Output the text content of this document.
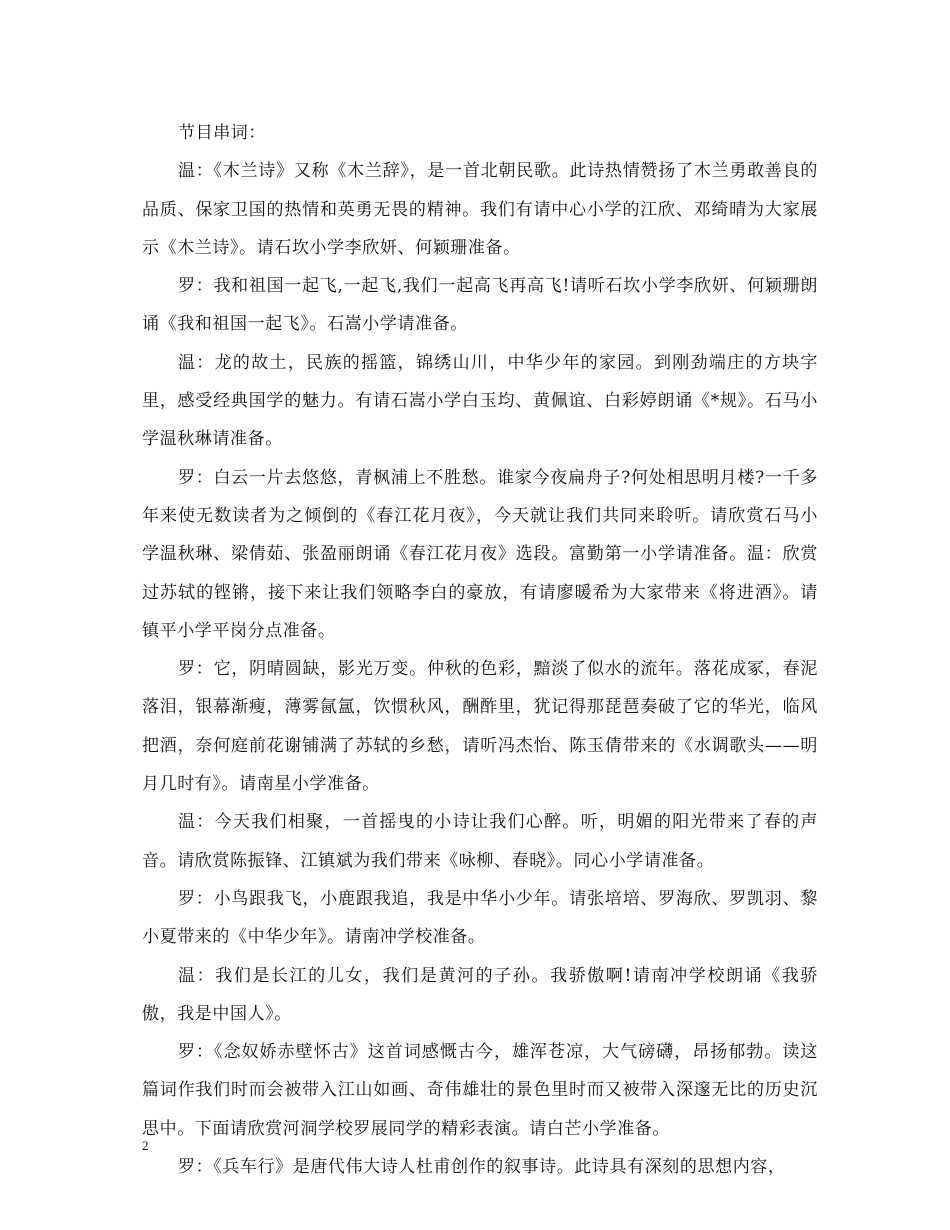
节目串词：

温：《木兰诗》又称《木兰辞》，是一首北朝民歌。此诗热情赞扬了木兰勇敢善良的品质、保家卫国的热情和英勇无畏的精神。我们有请中心小学的江欣、邓绮晴为大家展示《木兰诗》。请石坎小学李欣妍、何颖珊准备。

罗：我和祖国一起飞,一起飞,我们一起高飞再高飞!请听石坎小学李欣妍、何颖珊朗诵《我和祖国一起飞》。石嵩小学请准备。

温：龙的故土，民族的摇篮，锦绣山川，中华少年的家园。到刚劲端庄的方块字里，感受经典国学的魅力。有请石嵩小学白玉均、黄佩谊、白彩婷朗诵《*规》。石马小学温秋琳请准备。

罗：白云一片去悠悠，青枫浦上不胜愁。谁家今夜扁舟子?何处相思明月楼?一千多年来使无数读者为之倾倒的《春江花月夜》，今天就让我们共同来聆听。请欣赏石马小学温秋琳、梁倩茹、张盈丽朗诵《春江花月夜》选段。富勤第一小学请准备。温：欣赏过苏轼的铿锵，接下来让我们领略李白的豪放，有请廖暖希为大家带来《将进酒》。请镇平小学平岗分点准备。

罗：它，阴晴圆缺，影光万变。仲秋的色彩，黯淡了似水的流年。落花成冢，春泥落泪，银幕渐瘦，薄雾氤氲，饮惯秋风，酬酢里，犹记得那琵琶奏破了它的华光，临风把酒，奈何庭前花谢铺满了苏轼的乡愁，请听冯杰怡、陈玉倩带来的《水调歌头——明月几时有》。请南星小学准备。

温：今天我们相聚，一首摇曳的小诗让我们心醉。听，明媚的阳光带来了春的声音。请欣赏陈振锋、江镇斌为我们带来《咏柳、春晓》。同心小学请准备。

罗：小鸟跟我飞，小鹿跟我追，我是中华小少年。请张培培、罗海欣、罗凯羽、黎小夏带来的《中华少年》。请南冲学校准备。

温：我们是长江的儿女，我们是黄河的子孙。我骄傲啊!请南冲学校朗诵《我骄傲，我是中国人》。

罗：《念奴娇赤壁怀古》这首词感慨古今，雄浑苍凉，大气磅礴，昂扬郁勃。读这篇词作我们时而会被带入江山如画、奇伟雄壮的景色里时而又被带入深邃无比的历史沉思中。下面请欣赏河洞学校罗展同学的精彩表演。请白芒小学准备。

罗：《兵车行》是唐代伟大诗人杜甫创作的叙事诗。此诗具有深刻的思想内容，

2
